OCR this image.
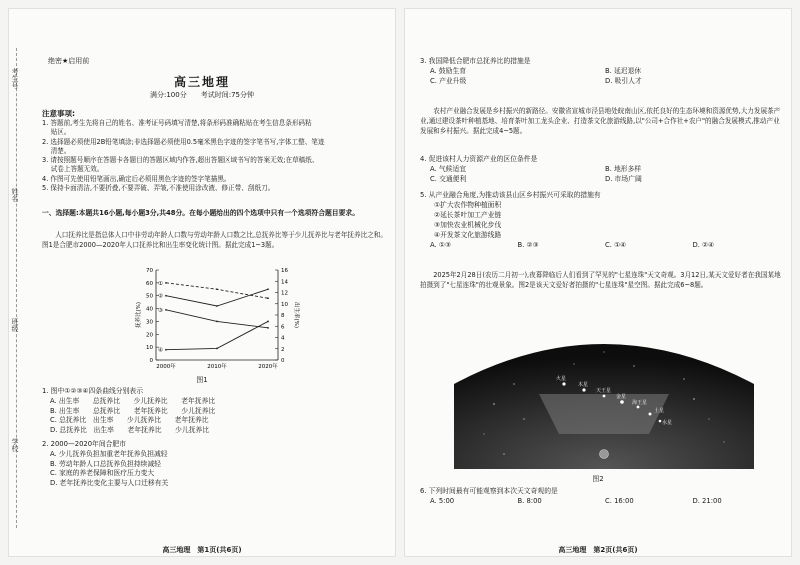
考生号
姓名
班级
学校
绝密★启用前
高三地理
满分:100分　　考试时间:75分钟
注意事项:
1. 答题前,考生先将自己的姓名、准考证号码填写清楚,将条形码准确粘贴在考生信息条形码粘
　 贴区。
2. 选择题必须使用2B铅笔填涂;非选择题必须使用0.5毫米黑色字迹的签字笔书写,字体工整、笔迹
　 清楚。
3. 请按照题号顺序在答题卡各题目的答题区域内作答,超出答题区域书写的答案无效;在草稿纸、
　 试卷上答题无效。
4. 作图可先使用铅笔画出,确定后必须用黑色字迹的签字笔描黑。
5. 保持卡面清洁,不要折叠,不要弄破、弄皱,不准使用涂改液、修正带、刮纸刀。
一、选择题:本题共16小题,每小题3分,共48分。在每小题给出的四个选项中只有一个选项符合题目要求。
人口抚养比是指总体人口中非劳动年龄人口数与劳动年龄人口数之比,总抚养比等于少儿抚养比与老年抚养比之和。图1是合肥市2000—2020年人口抚养比和出生率变化统计图。据此完成1~3题。
0
10
20
30
40
50
60
70
0
2
4
6
8
10
12
14
16
2000年	2010年	2020年
抚养比(%)	出生率(%)
①
②
③
④
图1
1. 图中①②③④四条曲线分别表示
A. 出生率　　总抚养比　　少儿抚养比　　老年抚养比
B. 出生率　　总抚养比　　老年抚养比　　少儿抚养比
C. 总抚养比　出生率　　少儿抚养比　　老年抚养比
D. 总抚养比　出生率　　老年抚养比　　少儿抚养比
2. 2000—2020年间合肥市
A. 少儿抚养负担加重老年抚养负担减轻
B. 劳动年龄人口总抚养负担持续减轻
C. 家庭的养老保障和医疗压力变大
D. 老年抚养比变化主要与人口迁移有关
高三地理　第1页(共6页)
3. 我国降低合肥市总抚养比的措施是
A. 鼓励生育	B. 延迟退休
C. 产业升级	D. 吸引人才
农村产业融合发展是乡村振兴的新路径。安徽省宣城市泾县地处皖南山区,依托良好的生态环境和资源优势,大力发展茶产业,通过建设茶叶种植基地、培育茶叶加工龙头企业、打造茶文化旅游线路,以"公司+合作社+农户"的融合发展模式,推动产业发展和乡村振兴。据此完成4~5题。
4. 促进该村人力资源产业的区位条件是
A. 气候适宜	B. 地形多样
C. 交通便利	D. 市场广阔
5. 从产业融合角度,为推动该县山区乡村振兴可采取的措施有
①扩大农作物种植面积
②延长茶叶加工产业链
③加快农业机械化步伐
④开发茶文化旅游线路
A. ①③	B. ②③	C. ①④	D. ②④
2025年2月28日(农历二月初一),夜幕降临后人们看到了罕见的"七星连珠"天文奇观。3月12日,某天文爱好者在我国某地拍摄到了"七星连珠"的壮观景象。图2是该天文爱好者拍摄的"七星连珠"星空图。据此完成6~8题。
火星
木星
天王星
金星
海王星
土星
水星
图2
6. 下列时间最有可能观察到本次天文奇观的是
A. 5:00	B. 8:00	C. 16:00	D. 21:00
高三地理　第2页(共6页)
